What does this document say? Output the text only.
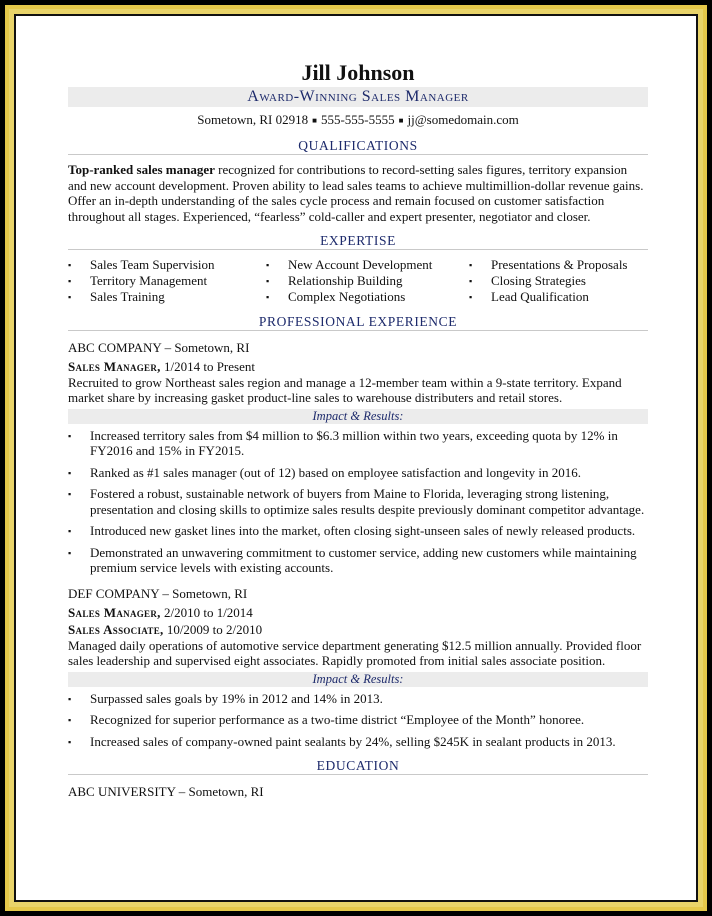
Jill Johnson
Award-Winning Sales Manager
Sometown, RI 02918 ■ 555-555-5555 ■ jj@somedomain.com
QUALIFICATIONS

Top-ranked sales manager recognized for contributions to record-setting sales figures, territory expansion and new account development. Proven ability to lead sales teams to achieve multimillion-dollar revenue gains. Offer an in-depth understanding of the sales cycle process and remain focused on customer satisfaction throughout all stages. Experienced, “fearless” cold-caller and expert presenter, negotiator and closer.

EXPERTISE
▪ Sales Team Supervision
▪ Territory Management
▪ Sales Training
▪ New Account Development
▪ Relationship Building
▪ Complex Negotiations
▪ Presentations & Proposals
▪ Closing Strategies
▪ Lead Qualification
PROFESSIONAL EXPERIENCE
ABC COMPANY – Sometown, RI
Sales Manager, 1/2014 to Present

Recruited to grow Northeast sales region and manage a 12-member team within a 9-state territory. Expand market share by increasing gasket product-line sales to warehouse distributers and retail stores.

Impact & Results:
▪ Increased territory sales from $4 million to $6.3 million within two years, exceeding quota by 12% in FY2016 and 15% in FY2015.
▪ Ranked as #1 sales manager (out of 12) based on employee satisfaction and longevity in 2016.
▪ Fostered a robust, sustainable network of buyers from Maine to Florida, leveraging strong listening, presentation and closing skills to optimize sales results despite previously dominant competitor advantage.
▪ Introduced new gasket lines into the market, often closing sight-unseen sales of newly released products.
▪ Demonstrated an unwavering commitment to customer service, adding new customers while maintaining premium service levels with existing accounts.
DEF COMPANY – Sometown, RI
Sales Manager, 2/2010 to 1/2014
Sales Associate, 10/2009 to 2/2010

Managed daily operations of automotive service department generating $12.5 million annually. Provided floor sales leadership and supervised eight associates. Rapidly promoted from initial sales associate position.

Impact & Results:
▪ Surpassed sales goals by 19% in 2012 and 14% in 2013.
▪ Recognized for superior performance as a two-time district “Employee of the Month” honoree.
▪ Increased sales of company-owned paint sealants by 24%, selling $245K in sealant products in 2013.
EDUCATION
ABC UNIVERSITY – Sometown, RI
